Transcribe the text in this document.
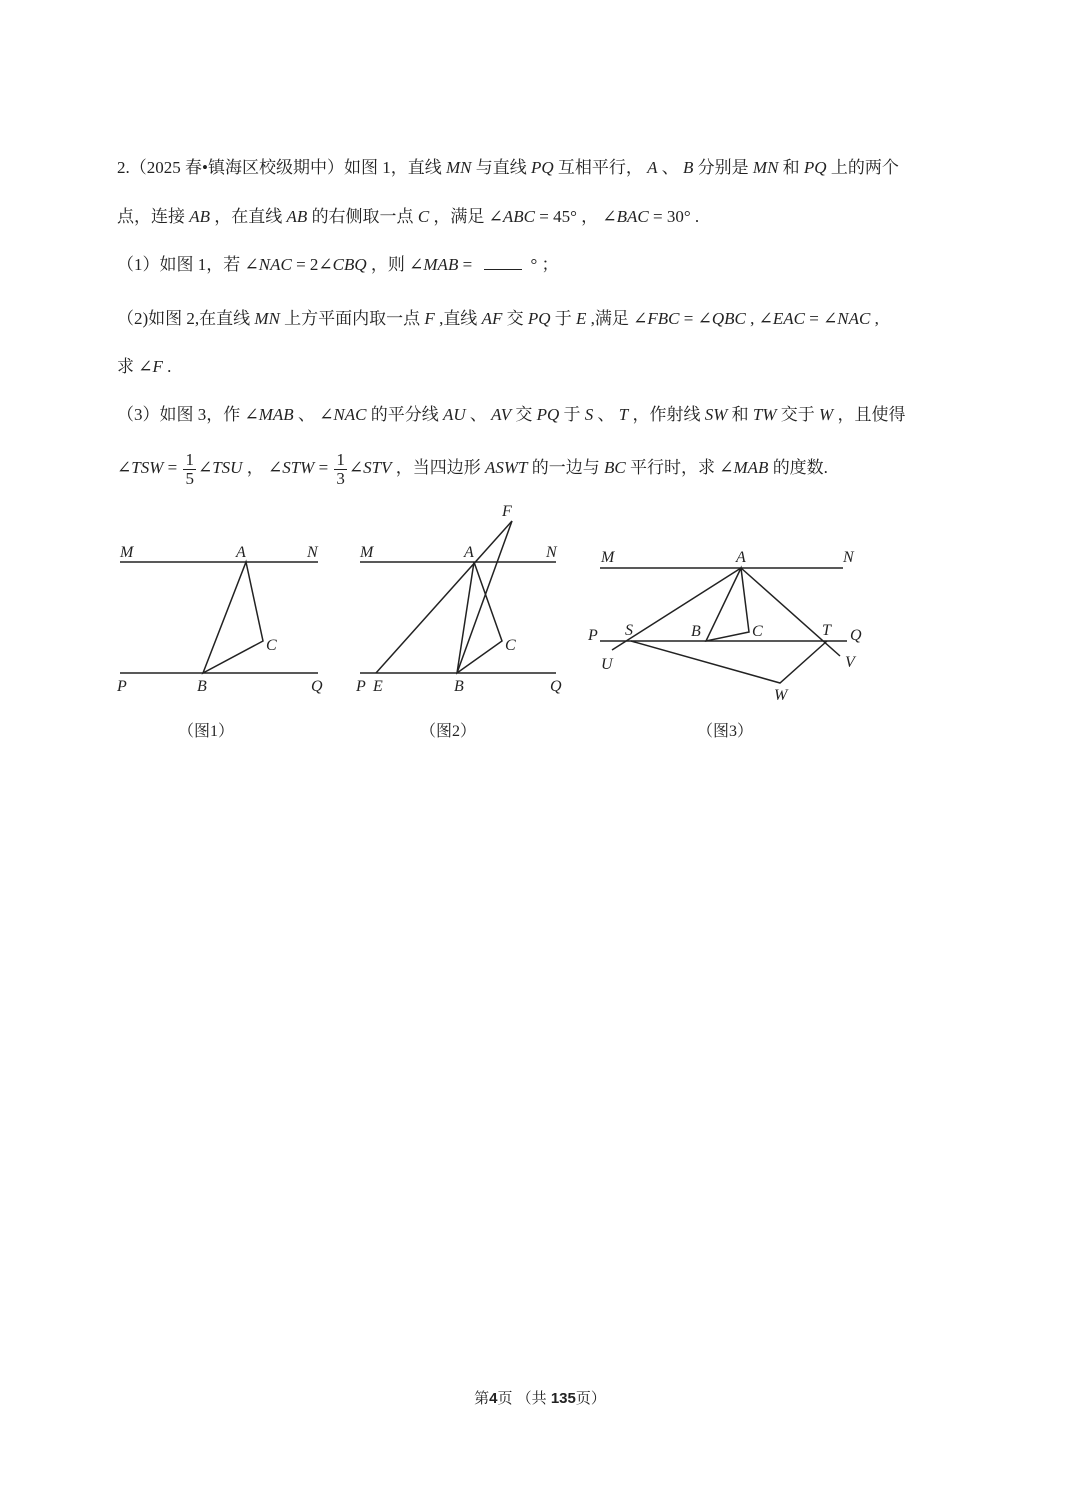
2.（2025 春•镇海区校级期中）如图 1，直线 MN 与直线 PQ 互相平行， A 、 B 分别是 MN 和 PQ 上的两个
点，连接 AB ，在直线 AB 的右侧取一点 C ，满足 ∠ABC = 45° ， ∠BAC = 30° .
（1）如图 1，若 ∠NAC = 2∠CBQ ，则 ∠MAB =	° ；
（2)如图 2,在直线 MN 上方平面内取一点 F ,直线 AF 交 PQ 于 E ,满足 ∠FBC = ∠QBC , ∠EAC = ∠NAC ,
求 ∠F .
（3）如图 3，作 ∠MAB 、 ∠NAC 的平分线 AU 、 AV 交 PQ 于 S 、 T ，作射线 SW 和 TW 交于 W ，且使得
∠TSW = $\frac{1}{5}$ ∠TSU ， ∠STW = $\frac{1}{3}$ ∠STV ，当四边形 ASWT 的一边与 BC 平行时，求 ∠MAB 的度数.
M	A	N
C
P	B	Q
F
M	A	N
C
P E	B	Q
M	A	N
P S	B	C	T Q
U	V
W
（图1）	（图2）	（图3）
第4页 （共 135页）
